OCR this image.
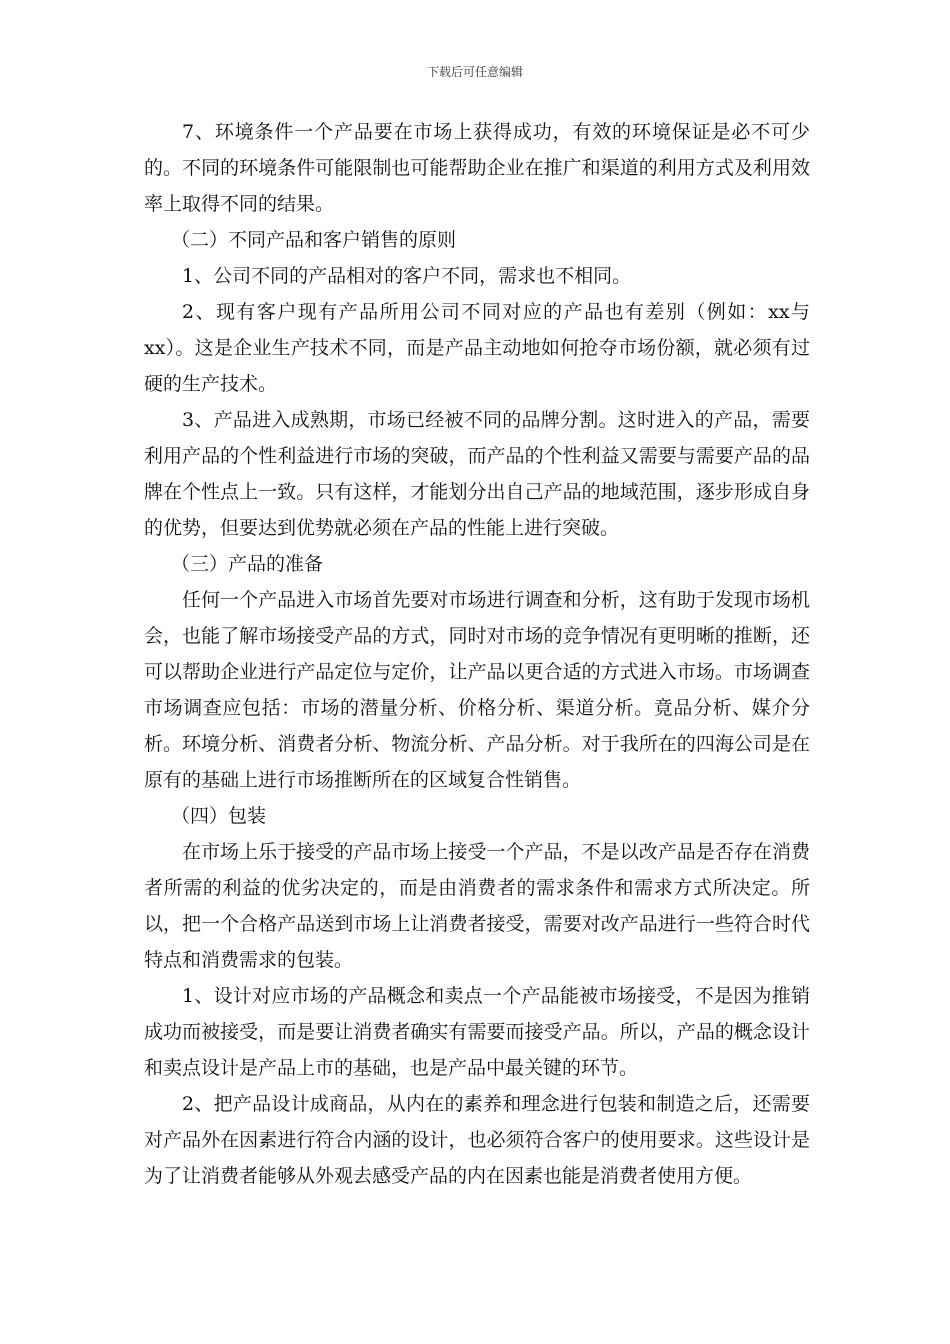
下载后可任意编辑

7、环境条件一个产品要在市场上获得成功，有效的环境保证是必不可少的。不同的环境条件可能限制也可能帮助企业在推广和渠道的利用方式及利用效率上取得不同的结果。

（二）不同产品和客户销售的原则

1、公司不同的产品相对的客户不同，需求也不相同。

2、现有客户现有产品所用公司不同对应的产品也有差别（例如：xx与xx）。这是企业生产技术不同，而是产品主动地如何抢夺市场份额，就必须有过硬的生产技术。

3、产品进入成熟期，市场已经被不同的品牌分割。这时进入的产品，需要利用产品的个性利益进行市场的突破，而产品的个性利益又需要与需要产品的品牌在个性点上一致。只有这样，才能划分出自己产品的地域范围，逐步形成自身的优势，但要达到优势就必须在产品的性能上进行突破。

（三）产品的准备

任何一个产品进入市场首先要对市场进行调查和分析，这有助于发现市场机会，也能了解市场接受产品的方式，同时对市场的竞争情况有更明晰的推断，还可以帮助企业进行产品定位与定价，让产品以更合适的方式进入市场。市场调查市场调查应包括：市场的潜量分析、价格分析、渠道分析。竟品分析、媒介分析。环境分析、消费者分析、物流分析、产品分析。对于我所在的四海公司是在原有的基础上进行市场推断所在的区域复合性销售。

（四）包装

在市场上乐于接受的产品市场上接受一个产品，不是以改产品是否存在消费者所需的利益的优劣决定的，而是由消费者的需求条件和需求方式所决定。所以，把一个合格产品送到市场上让消费者接受，需要对改产品进行一些符合时代特点和消费需求的包装。

1、设计对应市场的产品概念和卖点一个产品能被市场接受，不是因为推销成功而被接受，而是要让消费者确实有需要而接受产品。所以，产品的概念设计和卖点设计是产品上市的基础，也是产品中最关键的环节。

2、把产品设计成商品，从内在的素养和理念进行包装和制造之后，还需要对产品外在因素进行符合内涵的设计，也必须符合客户的使用要求。这些设计是为了让消费者能够从外观去感受产品的内在因素也能是消费者使用方便。
